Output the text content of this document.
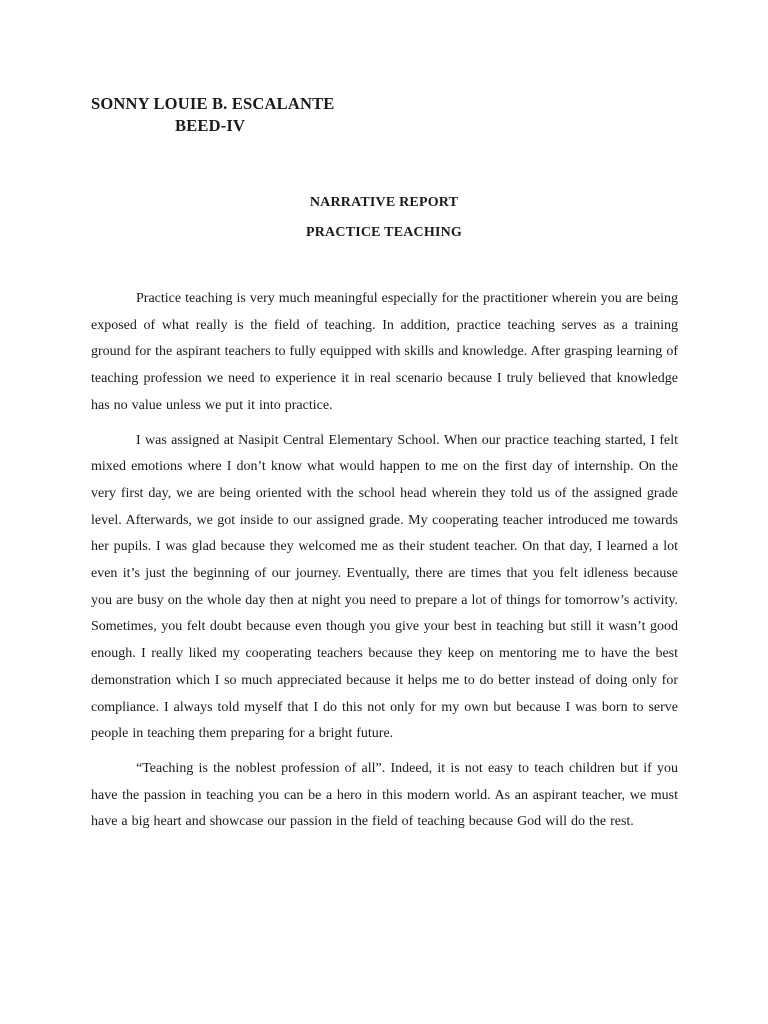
SONNY LOUIE B. ESCALANTE
BEED-IV
NARRATIVE REPORT
PRACTICE TEACHING

Practice teaching is very much meaningful especially for the practitioner wherein you are being exposed of what really is the field of teaching. In addition, practice teaching serves as a training ground for the aspirant teachers to fully equipped with skills and knowledge. After grasping learning of teaching profession we need to experience it in real scenario because I truly believed that knowledge has no value unless we put it into practice.

I was assigned at Nasipit Central Elementary School. When our practice teaching started, I felt mixed emotions where I don’t know what would happen to me on the first day of internship. On the very first day, we are being oriented with the school head wherein they told us of the assigned grade level. Afterwards, we got inside to our assigned grade. My cooperating teacher introduced me towards her pupils. I was glad because they welcomed me as their student teacher. On that day, I learned a lot even it’s just the beginning of our journey. Eventually, there are times that you felt idleness because you are busy on the whole day then at night you need to prepare a lot of things for tomorrow’s activity. Sometimes, you felt doubt because even though you give your best in teaching but still it wasn’t good enough. I really liked my cooperating teachers because they keep on mentoring me to have the best demonstration which I so much appreciated because it helps me to do better instead of doing only for compliance. I always told myself that I do this not only for my own but because I was born to serve people in teaching them preparing for a bright future.

“Teaching is the noblest profession of all”. Indeed, it is not easy to teach children but if you have the passion in teaching you can be a hero in this modern world. As an aspirant teacher, we must have a big heart and showcase our passion in the field of teaching because God will do the rest.
